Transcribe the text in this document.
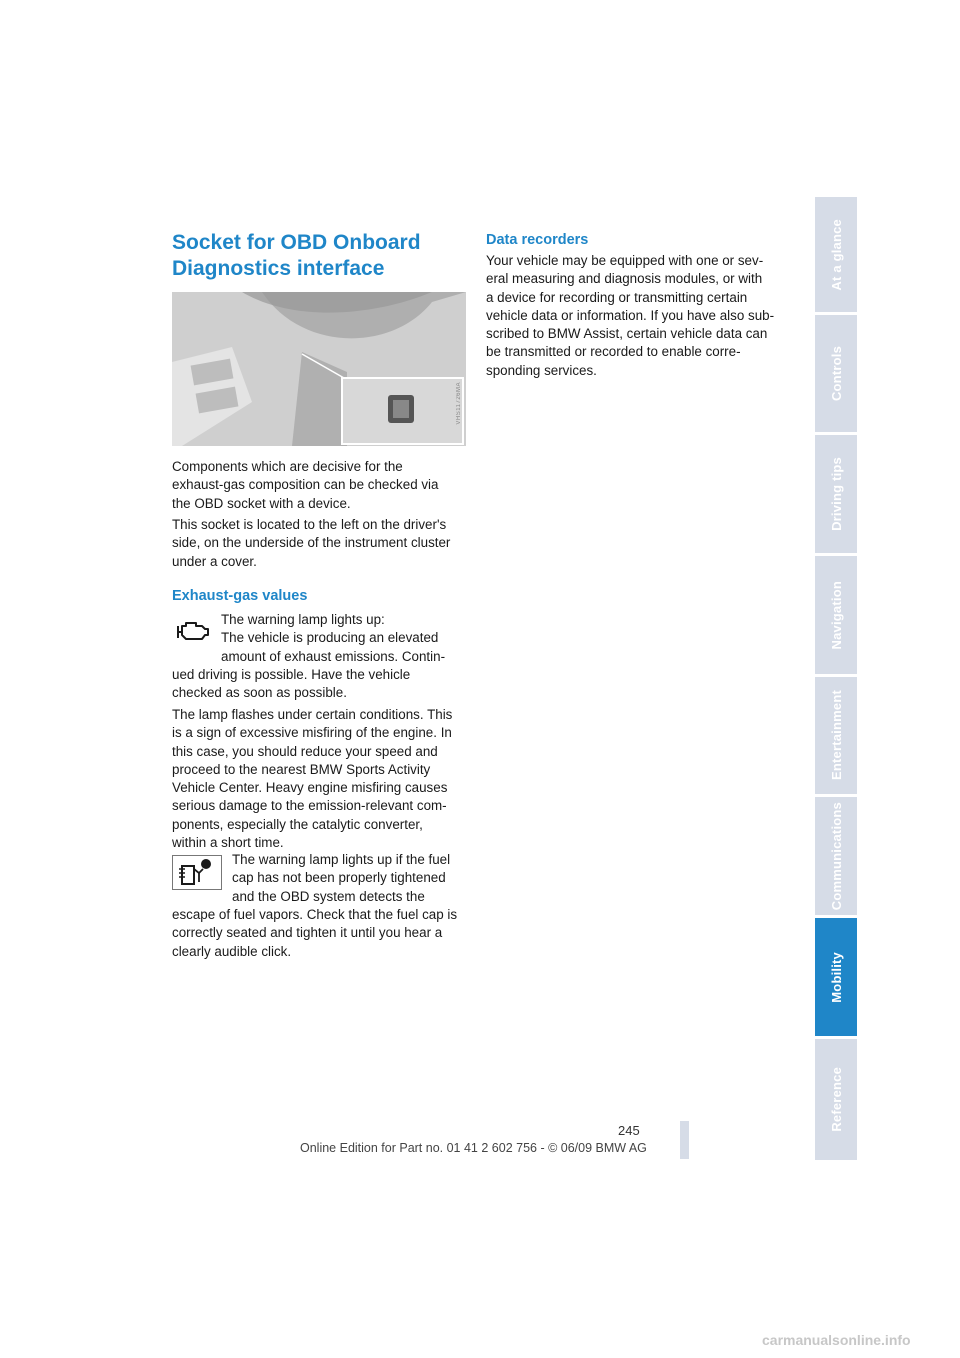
Socket for OBD Onboard
Diagnostics interface
VHS11726MA
Components which are decisive for the
exhaust-gas composition can be checked via
the OBD socket with a device.
This socket is located to the left on the driver's
side, on the underside of the instrument cluster
under a cover.
Exhaust-gas values
The warning lamp lights up:
The vehicle is producing an elevated
amount of exhaust emissions. Contin-
ued driving is possible. Have the vehicle
checked as soon as possible.
The lamp flashes under certain conditions. This
is a sign of excessive misfiring of the engine. In
this case, you should reduce your speed and
proceed to the nearest BMW Sports Activity
Vehicle Center. Heavy engine misfiring causes
serious damage to the emission-relevant com-
ponents, especially the catalytic converter,
within a short time.
The warning lamp lights up if the fuel
cap has not been properly tightened
and the OBD system detects the
escape of fuel vapors. Check that the fuel cap is
correctly seated and tighten it until you hear a
clearly audible click.
Data recorders
Your vehicle may be equipped with one or sev-
eral measuring and diagnosis modules, or with
a device for recording or transmitting certain
vehicle data or information. If you have also sub-
scribed to BMW Assist, certain vehicle data can
be transmitted or recorded to enable corre-
sponding services.
At a glance
Controls
Driving tips
Navigation
Entertainment
Communications
Mobility
Reference
245
Online Edition for Part no. 01 41 2 602 756 - © 06/09 BMW AG
carmanualsonline.info
